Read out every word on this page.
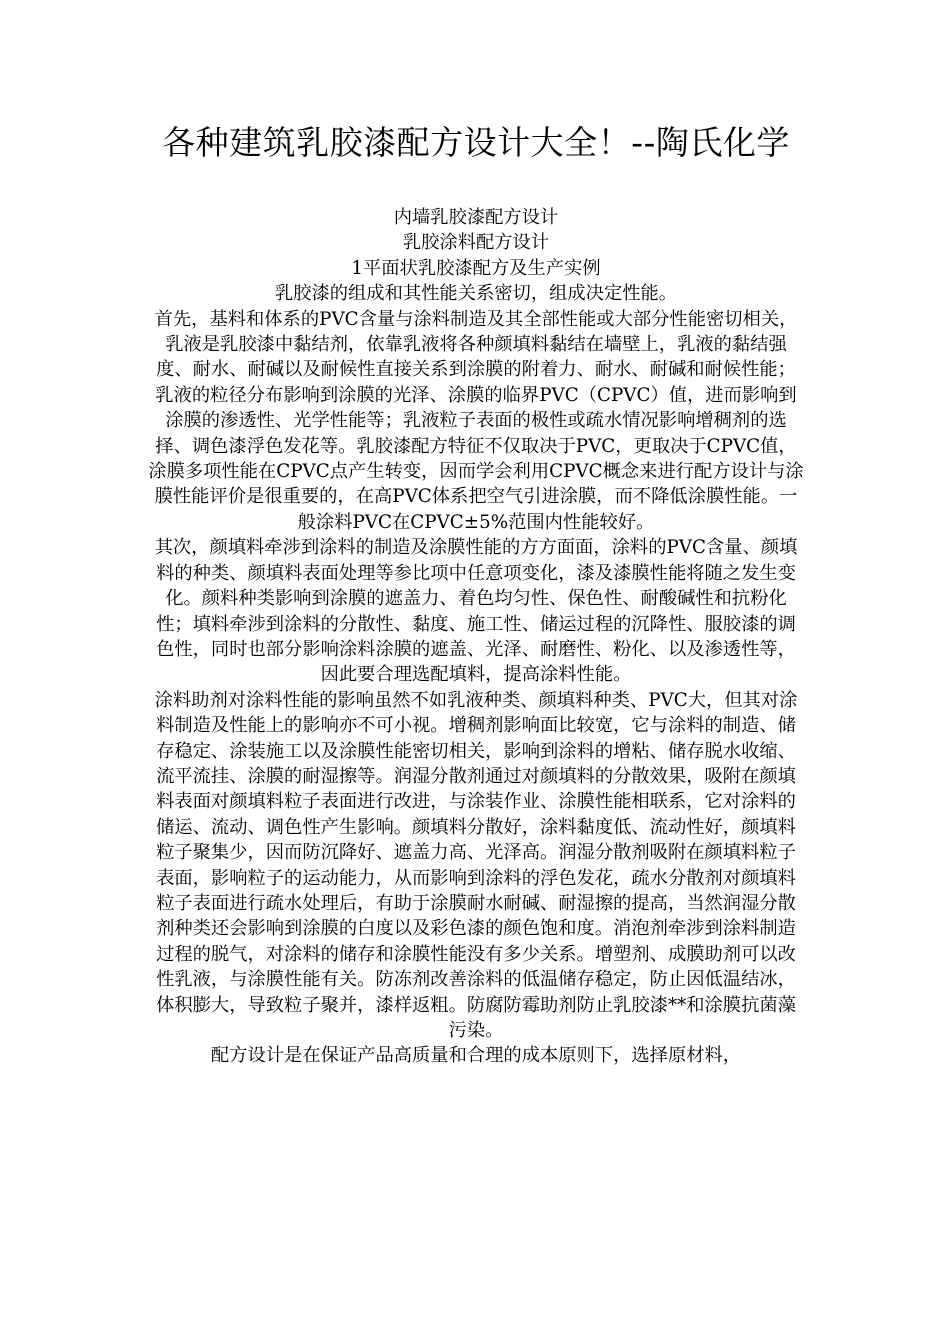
各种建筑乳胶漆配方设计大全！--陶氏化学

内墙乳胶漆配方设计

乳胶涂料配方设计

1平面状乳胶漆配方及生产实例

乳胶漆的组成和其性能关系密切，组成决定性能。

首先，基料和体系的PVC含量与涂料制造及其全部性能或大部分性能密切相关，乳液是乳胶漆中黏结剂，依靠乳液将各种颜填料黏结在墙壁上，乳液的黏结强度、耐水、耐碱以及耐候性直接关系到涂膜的附着力、耐水、耐碱和耐候性能；乳液的粒径分布影响到涂膜的光泽、涂膜的临界PVC（CPVC）值，进而影响到涂膜的渗透性、光学性能等；乳液粒子表面的极性或疏水情况影响增稠剂的选择、调色漆浮色发花等。乳胶漆配方特征不仅取决于PVC，更取决于CPVC值，涂膜多项性能在CPVC点产生转变，因而学会利用CPVC概念来进行配方设计与涂膜性能评价是很重要的，在高PVC体系把空气引进涂膜，而不降低涂膜性能。一般涂料PVC在CPVC±5%范围内性能较好。

其次，颜填料牵涉到涂料的制造及涂膜性能的方方面面，涂料的PVC含量、颜填料的种类、颜填料表面处理等参比项中任意项变化，漆及漆膜性能将随之发生变化。颜料种类影响到涂膜的遮盖力、着色均匀性、保色性、耐酸碱性和抗粉化性；填料牵涉到涂料的分散性、黏度、施工性、储运过程的沉降性、服胶漆的调色性，同时也部分影响涂料涂膜的遮盖、光泽、耐磨性、粉化、以及渗透性等，因此要合理选配填料，提高涂料性能。

涂料助剂对涂料性能的影响虽然不如乳液种类、颜填料种类、PVC大，但其对涂料制造及性能上的影响亦不可小视。增稠剂影响面比较宽，它与涂料的制造、储存稳定、涂装施工以及涂膜性能密切相关，影响到涂料的增粘、储存脱水收缩、流平流挂、涂膜的耐湿擦等。润湿分散剂通过对颜填料的分散效果，吸附在颜填料表面对颜填料粒子表面进行改进，与涂装作业、涂膜性能相联系，它对涂料的储运、流动、调色性产生影响。颜填料分散好，涂料黏度低、流动性好，颜填料粒子聚集少，因而防沉降好、遮盖力高、光泽高。润湿分散剂吸附在颜填料粒子表面，影响粒子的运动能力，从而影响到涂料的浮色发花，疏水分散剂对颜填料粒子表面进行疏水处理后，有助于涂膜耐水耐碱、耐湿擦的提高，当然润湿分散剂种类还会影响到涂膜的白度以及彩色漆的颜色饱和度。消泡剂牵涉到涂料制造过程的脱气，对涂料的储存和涂膜性能没有多少关系。增塑剂、成膜助剂可以改性乳液，与涂膜性能有关。防冻剂改善涂料的低温储存稳定，防止因低温结冰，体积膨大，导致粒子聚并，漆样返粗。防腐防霉助剂防止乳胶漆**和涂膜抗菌藻污染。

配方设计是在保证产品高质量和合理的成本原则下，选择原材料，
